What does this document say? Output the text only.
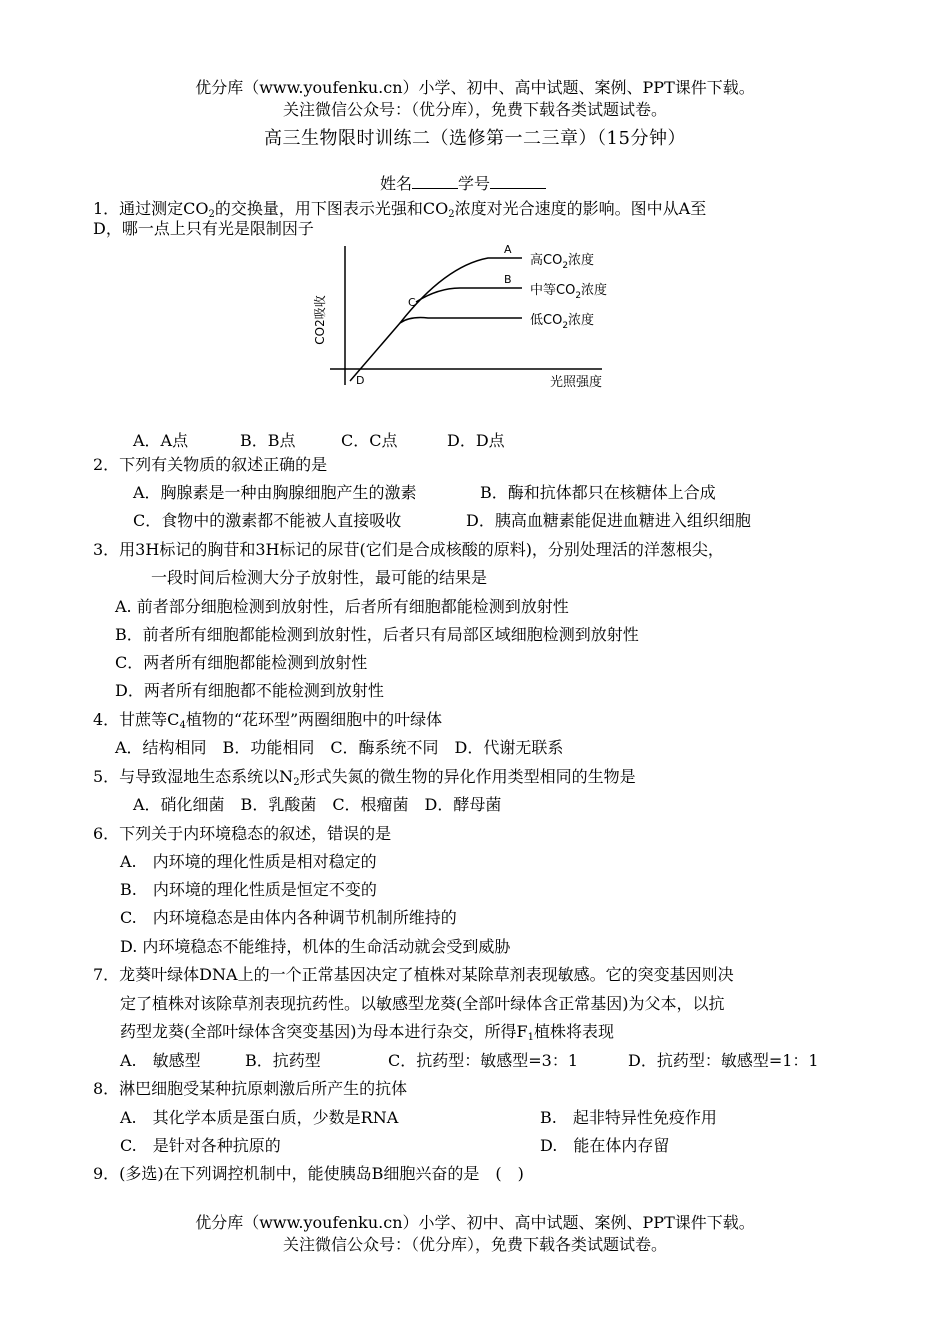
优分库（www.youfenku.cn）小学、初中、高中试题、案例、PPT课件下载。
关注微信公众号：（优分库），免费下载各类试题试卷。
高三生物限时训练二（选修第一二三章）（15分钟）
姓名	学号
1．通过测定$CO_2$的交换量，用下图表示光强和$CO_2$浓度对光合速度的影响。图中从A至
D，哪一点上只有光是限制因子
CO2吸收
光照强度
A
B
C
D
高$CO_2$浓度
中等$CO_2$浓度
低$CO_2$浓度
A．A点	B．B点	C．C点	D．D点
2．下列有关物质的叙述正确的是
A．胸腺素是一种由胸腺细胞产生的激素	B．酶和抗体都只在核糖体上合成
C．食物中的激素都不能被人直接吸收	D．胰高血糖素能促进血糖进入组织细胞
3．用3H标记的胸苷和3H标记的尿苷(它们是合成核酸的原料)，分别处理活的洋葱根尖，
一段时间后检测大分子放射性，最可能的结果是
A. 前者部分细胞检测到放射性，后者所有细胞都能检测到放射性
B．前者所有细胞都能检测到放射性，后者只有局部区域细胞检测到放射性
C．两者所有细胞都能检测到放射性
D．两者所有细胞都不能检测到放射性
4．甘蔗等$C_4$植物的“花环型”两圈细胞中的叶绿体
A．结构相同　B．功能相同　C．酶系统不同　D．代谢无联系
5．与导致湿地生态系统以$N_2$形式失氮的微生物的异化作用类型相同的生物是
A．硝化细菌　B．乳酸菌　C．根瘤菌　D．酵母菌
6．下列关于内环境稳态的叙述，错误的是
A.　内环境的理化性质是相对稳定的
B.　内环境的理化性质是恒定不变的
C.　内环境稳态是由体内各种调节机制所维持的
D. 内环境稳态不能维持，机体的生命活动就会受到威胁
7．龙葵叶绿体DNA上的一个正常基因决定了植株对某除草剂表现敏感。它的突变基因则决
定了植株对该除草剂表现抗药性。以敏感型龙葵(全部叶绿体含正常基因)为父本，以抗
药型龙葵(全部叶绿体含突变基因)为母本进行杂交，所得$F_1$植株将表现
A.　敏感型	B．抗药型	C．抗药型：敏感型=3：1	D．抗药型：敏感型=1：1
8．淋巴细胞受某种抗原刺激后所产生的抗体
A.　其化学本质是蛋白质，少数是RNA	B.　起非特异性免疫作用
C.　是针对各种抗原的	D.　能在体内存留
9．(多选)在下列调控机制中，能使胰岛B细胞兴奋的是　(　)
优分库（www.youfenku.cn）小学、初中、高中试题、案例、PPT课件下载。
关注微信公众号：（优分库），免费下载各类试题试卷。
